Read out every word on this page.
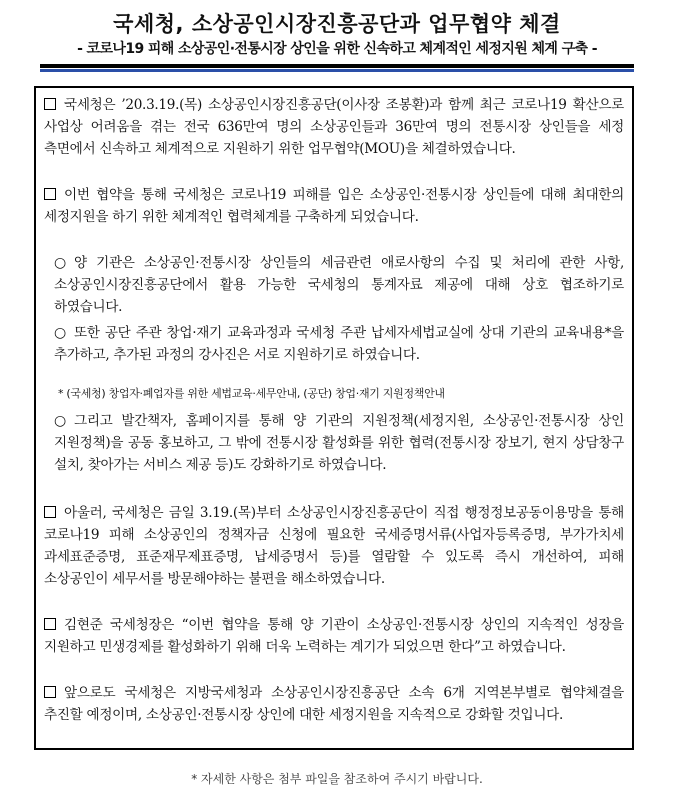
국세청, 소상공인시장진흥공단과 업무협약 체결
- 코로나19 피해 소상공인·전통시장 상인을 위한 신속하고 체계적인 세정지원 체계 구축 -
국세청은 ’20.3.19.(목) 소상공인시장진흥공단(이사장 조봉환)과 함께 최근 코로나19 확산으로 사업상 어려움을 겪는 전국 636만여 명의 소상공인들과 36만여 명의 전통시장 상인들을 세정 측면에서 신속하고 체계적으로 지원하기 위한 업무협약(MOU)을 체결하였습니다.
이번 협약을 통해 국세청은 코로나19 피해를 입은 소상공인·전통시장 상인들에 대해 최대한의 세정지원을 하기 위한 체계적인 협력체계를 구축하게 되었습니다.
○ 양 기관은 소상공인·전통시장 상인들의 세금관련 애로사항의 수집 및 처리에 관한 사항, 소상공인시장진흥공단에서 활용 가능한 국세청의 통계자료 제공에 대해 상호 협조하기로 하였습니다.
○ 또한 공단 주관 창업·재기 교육과정과 국세청 주관 납세자세법교실에 상대 기관의 교육내용*을 추가하고, 추가된 과정의 강사진은 서로 지원하기로 하였습니다.
* (국세청) 창업자·폐업자를 위한 세법교육·세무안내, (공단) 창업·재기 지원정책안내
○ 그리고 발간책자, 홈페이지를 통해 양 기관의 지원정책(세정지원, 소상공인·전통시장 상인 지원정책)을 공동 홍보하고, 그 밖에 전통시장 활성화를 위한 협력(전통시장 장보기, 현지 상담창구 설치, 찾아가는 서비스 제공 등)도 강화하기로 하였습니다.
아울러, 국세청은 금일 3.19.(목)부터 소상공인시장진흥공단이 직접 행정정보공동이용망을 통해 코로나19 피해 소상공인의 정책자금 신청에 필요한 국세증명서류(사업자등록증명, 부가가치세 과세표준증명, 표준재무제표증명, 납세증명서 등)를 열람할 수 있도록 즉시 개선하여, 피해 소상공인이 세무서를 방문해야하는 불편을 해소하였습니다.
김현준 국세청장은 “이번 협약을 통해 양 기관이 소상공인·전통시장 상인의 지속적인 성장을 지원하고 민생경제를 활성화하기 위해 더욱 노력하는 계기가 되었으면 한다”고 하였습니다.
앞으로도 국세청은 지방국세청과 소상공인시장진흥공단 소속 6개 지역본부별로 협약체결을 추진할 예정이며, 소상공인·전통시장 상인에 대한 세정지원을 지속적으로 강화할 것입니다.
* 자세한 사항은 첨부 파일을 참조하여 주시기 바랍니다.
